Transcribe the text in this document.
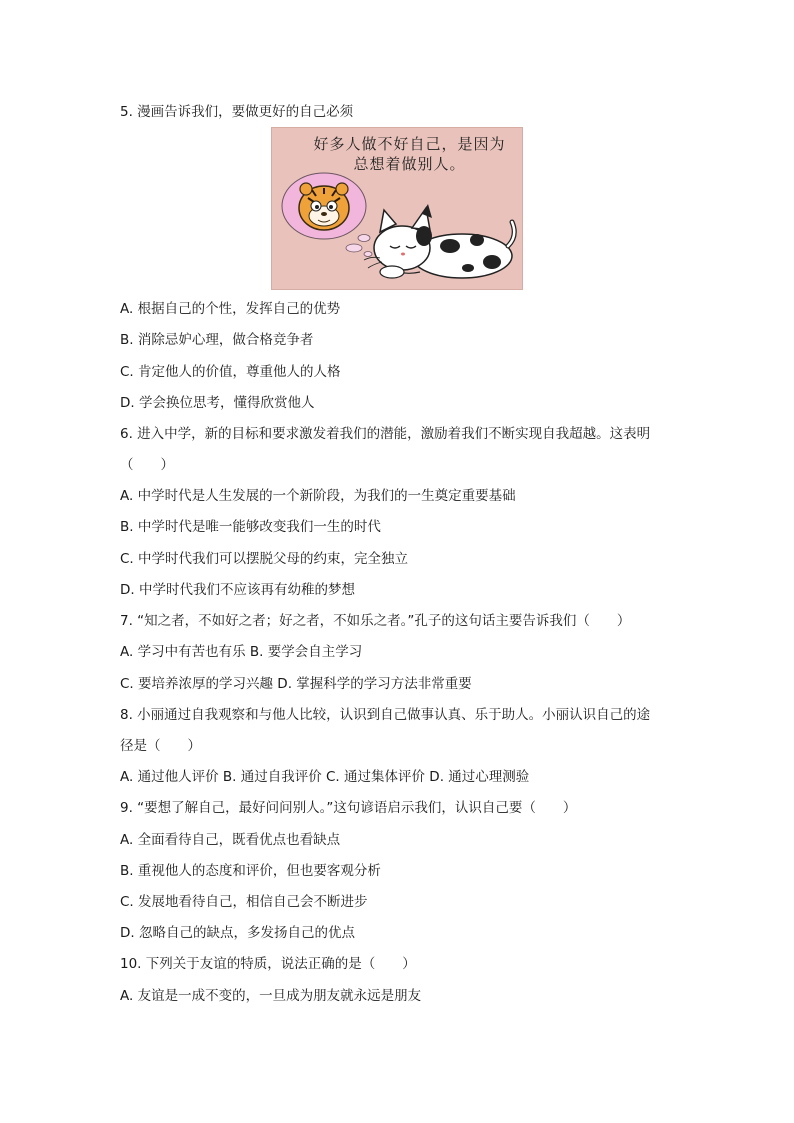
5. 漫画告诉我们，要做更好的自己必须
好多人做不好自己，是因为
总想着做别人。
A. 根据自己的个性，发挥自己的优势
B. 消除忌妒心理，做合格竞争者
C. 肯定他人的价值，尊重他人的人格
D. 学会换位思考，懂得欣赏他人
6. 进入中学，新的目标和要求激发着我们的潜能，激励着我们不断实现自我超越。这表明
（　　）
A. 中学时代是人生发展的一个新阶段，为我们的一生奠定重要基础
B. 中学时代是唯一能够改变我们一生的时代
C. 中学时代我们可以摆脱父母的约束，完全独立
D. 中学时代我们不应该再有幼稚的梦想
7. “知之者，不如好之者；好之者，不如乐之者。”孔子的这句话主要告诉我们（　　）
A. 学习中有苦也有乐 B. 要学会自主学习
C. 要培养浓厚的学习兴趣 D. 掌握科学的学习方法非常重要
8. 小丽通过自我观察和与他人比较，认识到自己做事认真、乐于助人。小丽认识自己的途
径是（　　）
A. 通过他人评价 B. 通过自我评价 C. 通过集体评价 D. 通过心理测验
9. “要想了解自己，最好问问别人。”这句谚语启示我们，认识自己要（　　）
A. 全面看待自己，既看优点也看缺点
B. 重视他人的态度和评价，但也要客观分析
C. 发展地看待自己，相信自己会不断进步
D. 忽略自己的缺点，多发扬自己的优点
10. 下列关于友谊的特质，说法正确的是（　　）
A. 友谊是一成不变的，一旦成为朋友就永远是朋友
